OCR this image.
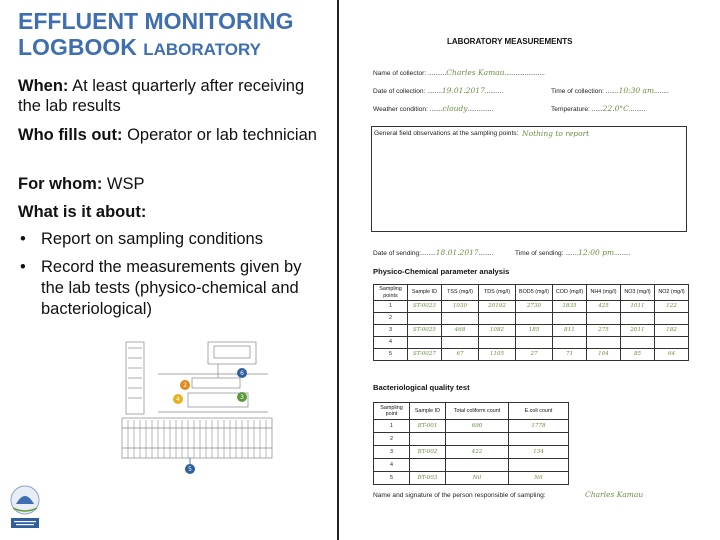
EFFLUENT MONITORING
LOGBOOK LABORATORY
When: At least quarterly after receiving the lab results
Who fills out: Operator or lab technician
For whom: WSP
What is it about:
• Report on sampling conditions
• Record the measurements given by the lab tests (physico-chemical and bacteriological)
6
2
3
4
5
LABORATORY MEASUREMENTS
Name of collector: ..........Charles Kamau......................
Date of collection: ........19.01.2017..........	Time of collection: .......10:30 am........
Weather condition: .......cloudy..............	Temperature: ......22.0°C.........
General field observations at the sampling points: Nothing to report
Date of sending:........18.01.2017........	Time of sending: .......12:00 pm.........
Physico-Chemical parameter analysis
Sampling points	Sample ID	TSS (mg/l)	TDS (mg/l)	BOD5 (mg/l)	COD (mg/l)	NH4 (mg/l)	NO3 (mg/l)	NO2 (mg/l)
1	ST-0023	1030	20192	2730	1835	425	1011	122
2								
3	ST-0025	468	1082	185	811	275	2011	182
4								
5	ST-0027	67	1105	27	71	104	85	64
Bacteriological quality test
Sampling point	Sample ID	Total coliform count	E.coli count
1	BT-001	690	1778
2			
3	BT-002	422	134
4			
5	BT-003	Nil	Nil
Name and signature of the person responsible of sampling:	Charles Kamau
